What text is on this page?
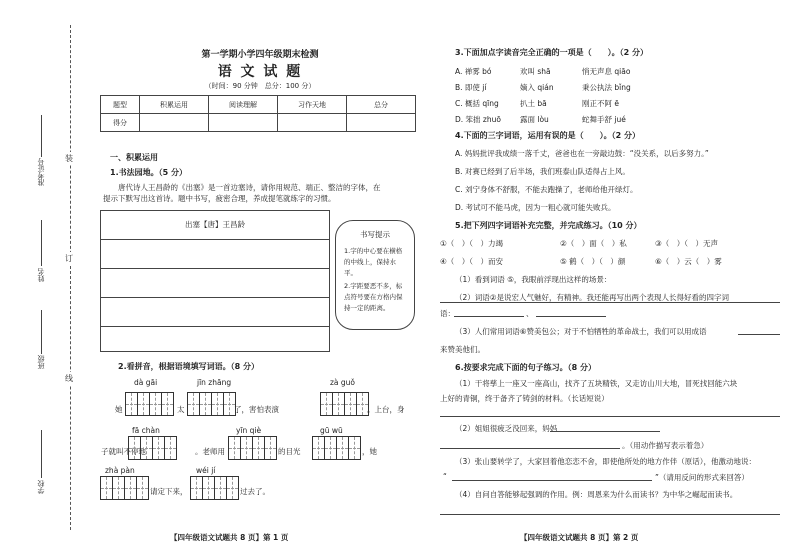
装
订
线
准考证号
姓名
班级
学校
第一学期小学四年级期末检测
语 文 试 题
（时间：90 分钟　总分：100 分）
题型	积累运用	阅读理解	习作天地	总分
得分				
一、积累运用
1.书法园地。（5 分）
唐代诗人王昌龄的《出塞》是一首边塞诗，请你用规范、端正、整洁的字体，在
提示下默写出这首诗。题中书写，疲密合理，养成提笔就练字的习惯。
出塞【唐】王昌龄
书写提示
1.字的中心要在横格的中线上，保持水平。
2.字距要恶不多，标点符号要在方格内保持一定的距离。
2.看拼音，根据语境填写词语。（8 分）
dà gāi	jīn zhāng	zà guǒ
她	太	了，害怕表演	。上台，身
fā chàn	yīn qiè	gū wū
子就叫不停地	。老师用	的目光	，她
zhà pàn	wéi jí
请定下来，	过去了。
【四年级语文试题共 8 页】第 1 页
3.下面加点字读音完全正确的一项是（　　）。（2 分）
A. 禅雾 bó	欢叫 shā	悄无声息 qiāo
B. 即使 jí	嫡入 qián	秉公执法 bǐng
C. 概括 qīng	扒土 bā	刚正不阿 ē
D. 笨拙 zhuō	露面 lòu	蛇舞手舒 jué
4.下面的三字词语，运用有误的是（　　）。（2 分）
A. 妈妈批评我成绩一落千丈，爸爸也在一旁敲边鼓：“没关系，以后多努力。”
B. 对赛已经到了后半场，我们班泰山队适得占上风。
C. 刘宁身体不舒服，不能去跑操了，老师给他开绿灯。
D. 考试可不能马虎，因为一粗心就可能失败兵。
5.把下列四字词语补充完整，并完成练习。（10 分）
①（　）（　）力竭	②（　）面（　）私	③（　）（　）无声
④（　）（　）而安	⑤ 鹤（　）（　）颜	⑥（　）云（　）雾
（1）看到词语 ⑤，我眼前浮现出这样的场景：
（2）词语②是说宏人气魅好，有精神。我还能再写出两个表现人长得好看的四字词
语：	、
（3）人们常用词语⑥赞美包公；对于不怕牺牲的革命战士，我们可以用成语
来赞美他们。
6.按要求完成下面的句子练习。（8 分）
（1）干将孳上一座又一座高山，找齐了五块精铁，又走访山川大地，冒死找回能六块
上好的青铜，终于备齐了铸剑的材料。（长话短说）
（2）姐姐很疲乏没回来，妈妈
。（用动作描写表示着急）
（3）张山要转学了，大家回着他恋恋不舍，即使他所处的地方作伴（原话），他激动地说：
“	”（请用反问的形式来回答）
（4）自问自答能够起强调的作用。例：周恩来为什么而读书？为中华之崛起而读书。
【四年级语文试题共 8 页】第 2 页
